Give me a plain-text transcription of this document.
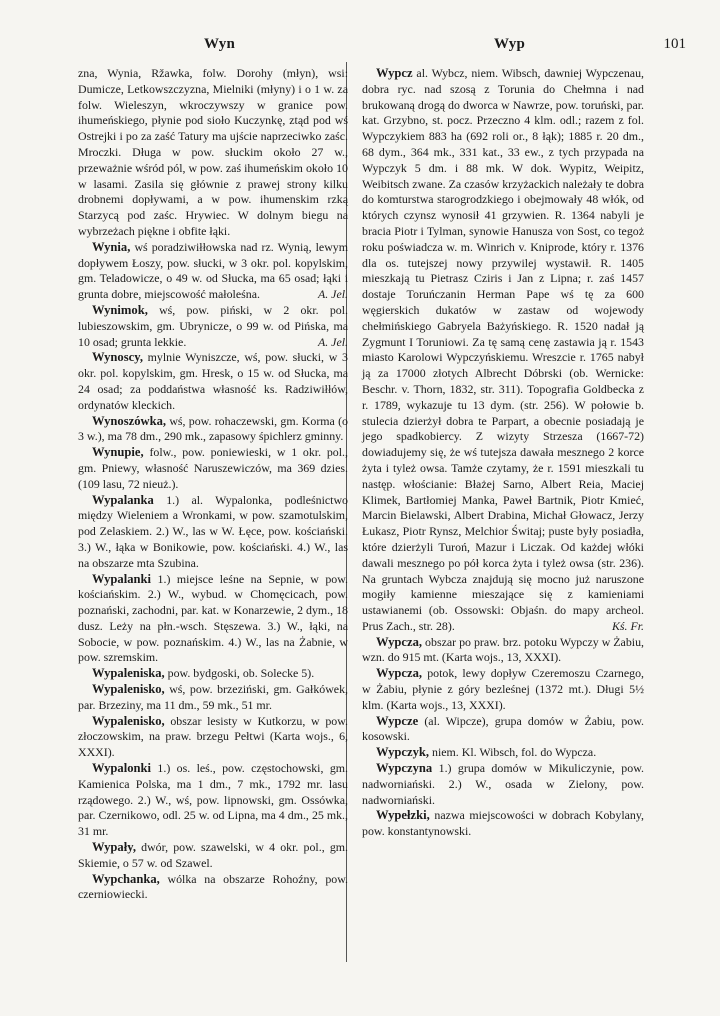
Wyn	Wyp	101

zna, Wynia, Ržawka, folw. Dorohy (młyn), wsi: Dumicze, Letkowszczyzna, Mielniki (młyny) i o 1 w. za folw. Wieleszyn, wkroczywszy w granice pow. ihumeńskiego, płynie pod sioło Kuczynkę, ztąd pod wś Ostrejki i po za zaść Tatury ma ujście naprzeciwko zaśc. Mroczki. Długa w pow. słuckim około 27 w., przeważnie wśród pól, w pow. zaś ihumeńskim około 10 w lasami. Zasila się głównie z prawej strony kilku drobnemi dopływami, a w pow. ihumenskim rzką Starzycą pod zaśc. Hrywiec. W dolnym biegu na wybrzeżach piękne i obfite łąki.

Wynia, wś poradziwiłłowska nad rz. Wynią, lewym dopływem Łoszy, pow. słucki, w 3 okr. pol. kopylskim, gm. Teladowicze, o 49 w. od Słucka, ma 65 osad; łąki i grunta dobre, miejscowość małoleśna.	A. Jel.

Wynimok, wś, pow. piński, w 2 okr. pol. lubieszowskim, gm. Ubrynicze, o 99 w. od Pińska, ma 10 osad; grunta lekkie.	A. Jel.

Wynoscy, mylnie Wyniszcze, wś, pow. słucki, w 3 okr. pol. kopylskim, gm. Hresk, o 15 w. od Słucka, ma 24 osad; za poddaństwa własność ks. Radziwiłłów, ordynatów kleckich.

Wynoszówka, wś, pow. rohaczewski, gm. Korma (o 3 w.), ma 78 dm., 290 mk., zapasowy śpichlerz gminny.

Wynupie, folw., pow. poniewieski, w 1 okr. pol., gm. Pniewy, własność Naruszewiczów, ma 369 dzies. (109 lasu, 72 nieuż.).

Wypalanka 1.) al. Wypalonka, podleśnictwo między Wieleniem a Wronkami, w pow. szamotulskim, pod Zelaskiem. 2.) W., las w W. Łęce, pow. kościański. 3.) W., łąka w Bonikowie, pow. kościański. 4.) W., las na obszarze mta Szubina.

Wypalanki 1.) miejsce leśne na Sepnie, w pow. kościańskim. 2.) W., wybud. w Chomęcicach, pow. poznański, zachodni, par. kat. w Konarzewie, 2 dym., 18 dusz. Leży na płn.-wsch. Stęszewa. 3.) W., łąki, na Sobocie, w pow. poznańskim. 4.) W., las na Żabnie, w pow. szremskim.

Wypaleniska, pow. bydgoski, ob. Solecke 5).

Wypalenisko, wś, pow. brzeziński, gm. Gałkówek, par. Brzeziny, ma 11 dm., 59 mk., 51 mr.

Wypalenisko, obszar lesisty w Kutkorzu, w pow. złoczowskim, na praw. brzegu Pełtwi (Karta wojs., 6, XXXI).

Wypalonki 1.) os. leś., pow. częstochowski, gm. Kamienica Polska, ma 1 dm., 7 mk., 1792 mr. lasu rządowego. 2.) W., wś, pow. lipnowski, gm. Ossówka, par. Czernikowo, odl. 25 w. od Lipna, ma 4 dm., 25 mk., 31 mr.

Wypały, dwór, pow. szawelski, w 4 okr. pol., gm. Skiemie, o 57 w. od Szawel.

Wypchanka, wólka na obszarze Rohoźny, pow. czerniowiecki.

Wypcz al. Wybcz, niem. Wibsch, dawniej Wypczenau, dobra ryc. nad szosą z Torunia do Chełmna i nad brukowaną drogą do dworca w Nawrze, pow. toruński, par. kat. Grzybno, st. pocz. Przeczno 4 klm. odl.; razem z fol. Wypczykiem 883 ha (692 roli or., 8 łąk); 1885 r. 20 dm., 68 dym., 364 mk., 331 kat., 33 ew., z tych przypada na Wypczyk 5 dm. i 88 mk. W dok. Wypitz, Weipitz, Weibitsch zwane. Za czasów krzyżackich należały te dobra do komturstwa starogrodzkiego i obejmowały 48 włók, od których czynsz wynosił 41 grzywien. R. 1364 nabyli je bracia Piotr i Tylman, synowie Hanusza von Sost, co tegoż roku poświadcza w. m. Winrich v. Kniprode, który r. 1376 dla os. tutejszej nowy przywilej wystawił. R. 1405 mieszkają tu Pietrasz Cziris i Jan z Lipna; r. zaś 1457 dostaje Toruńczanin Herman Pape wś tę za 600 węgierskich dukatów w zastaw od wojewody chełmińskiego Gabryela Bażyńskiego. R. 1520 nadał ją Zygmunt I Toruniowi. Za tę samą cenę zastawia ją r. 1543 miasto Karolowi Wypczyńskiemu. Wreszcie r. 1765 nabył ją za 17000 złotych Albrecht Dóbrski (ob. Wernicke: Beschr. v. Thorn, 1832, str. 311). Topografia Goldbecka z r. 1789, wykazuje tu 13 dym. (str. 256). W połowie b. stulecia dzierżył dobra te Parpart, a obecnie posiadają je jego spadkobiercy. Z wizyty Strzesza (1667-72) dowiadujemy się, że wś tutejsza dawała mesznego 2 korce żyta i tyleż owsa. Tamże czytamy, że r. 1591 mieszkali tu następ. włościanie: Błażej Sarno, Albert Reia, Maciej Klimek, Bartłomiej Manka, Paweł Bartnik, Piotr Kmieć, Marcin Bielawski, Albert Drabina, Michał Głowacz, Jerzy Łukasz, Piotr Rynsz, Melchior Świtaj; puste były posiadła, które dzierżyli Turoń, Mazur i Liczak. Od każdej włóki dawali mesznego po pół korca żyta i tyleż owsa (str. 236). Na gruntach Wybcza znajdują się mocno już naruszone mogiły kamienne mieszające się z kamieniami ustawianemi (ob. Ossowski: Objaśn. do mapy archeol. Prus Zach., str. 28).	Kś. Fr.

Wypcza, obszar po praw. brz. potoku Wypczy w Żabiu, wzn. do 915 mt. (Karta wojs., 13, XXXI).

Wypcza, potok, lewy dopływ Czeremoszu Czarnego, w Żabiu, płynie z góry bezleśnej (1372 mt.). Długi 5½ klm. (Karta wojs., 13, XXXI).

Wypcze (al. Wipcze), grupa domów w Żabiu, pow. kosowski.

Wypczyk, niem. Kl. Wibsch, fol. do Wypcza.

Wypczyna 1.) grupa domów w Mikuliczynie, pow. nadworniański. 2.) W., osada w Zielony, pow. nadworniański.

Wypełzki, nazwa miejscowości w dobrach Kobylany, pow. konstantynowski.
